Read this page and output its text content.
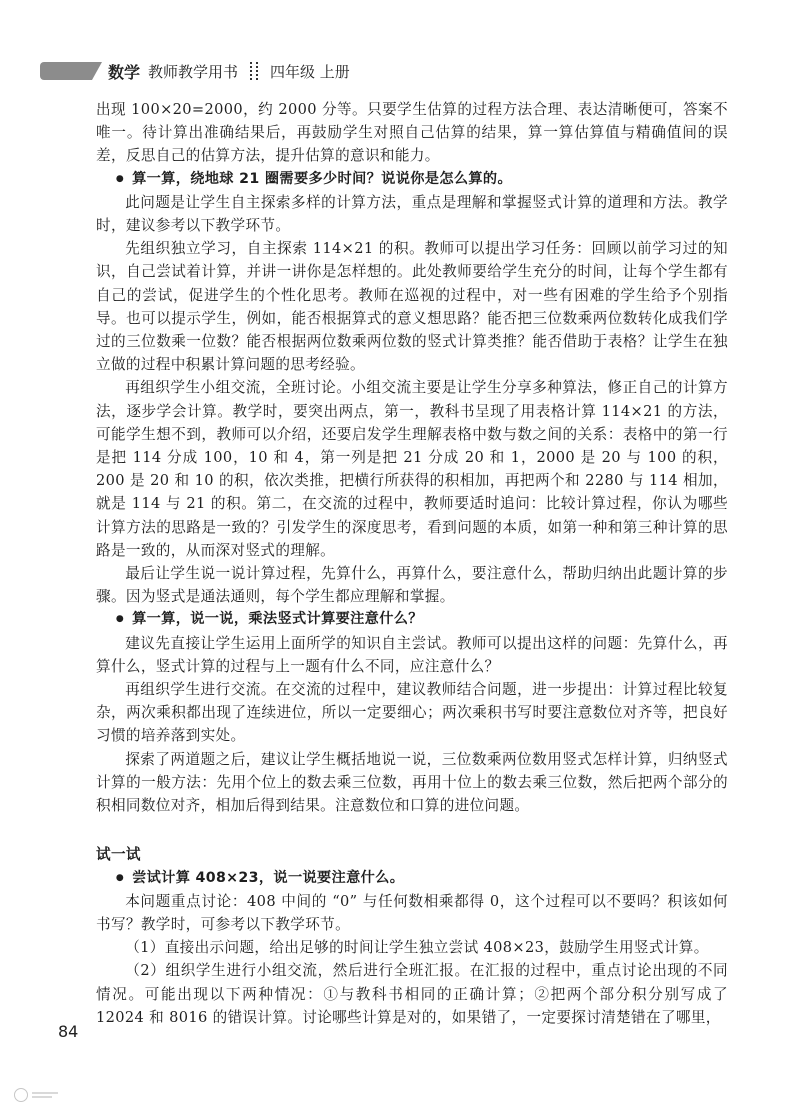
数学 教师教学用书 四年级 上册

出现 100×20=2000，约 2000 分等。只要学生估算的过程方法合理、表达清晰便可，答案不唯一。待计算出准确结果后，再鼓励学生对照自己估算的结果，算一算估算值与精确值间的误差，反思自己的估算方法，提升估算的意识和能力。

● 算一算，绕地球 21 圈需要多少时间？说说你是怎么算的。

此问题是让学生自主探索多样的计算方法，重点是理解和掌握竖式计算的道理和方法。教学时，建议参考以下教学环节。

先组织独立学习，自主探索 114×21 的积。教师可以提出学习任务：回顾以前学习过的知识，自己尝试着计算，并讲一讲你是怎样想的。此处教师要给学生充分的时间，让每个学生都有自己的尝试，促进学生的个性化思考。教师在巡视的过程中，对一些有困难的学生给予个别指导。也可以提示学生，例如，能否根据算式的意义想思路？能否把三位数乘两位数转化成我们学过的三位数乘一位数？能否根据两位数乘两位数的竖式计算类推？能否借助于表格？让学生在独立做的过程中积累计算问题的思考经验。

再组织学生小组交流，全班讨论。小组交流主要是让学生分享多种算法，修正自己的计算方法，逐步学会计算。教学时，要突出两点，第一，教科书呈现了用表格计算 114×21 的方法，可能学生想不到，教师可以介绍，还要启发学生理解表格中数与数之间的关系：表格中的第一行是把 114 分成 100，10 和 4，第一列是把 21 分成 20 和 1，2000 是 20 与 100 的积，200 是 20 和 10 的积，依次类推，把横行所获得的积相加，再把两个和 2280 与 114 相加，就是 114 与 21 的积。第二，在交流的过程中，教师要适时追问：比较计算过程，你认为哪些计算方法的思路是一致的？引发学生的深度思考，看到问题的本质，如第一种和第三种计算的思路是一致的，从而深对竖式的理解。

最后让学生说一说计算过程，先算什么，再算什么，要注意什么，帮助归纳出此题计算的步骤。因为竖式是通法通则，每个学生都应理解和掌握。

● 算一算，说一说，乘法竖式计算要注意什么？

建议先直接让学生运用上面所学的知识自主尝试。教师可以提出这样的问题：先算什么，再算什么，竖式计算的过程与上一题有什么不同，应注意什么？

再组织学生进行交流。在交流的过程中，建议教师结合问题，进一步提出：计算过程比较复杂，两次乘积都出现了连续进位，所以一定要细心；两次乘积书写时要注意数位对齐等，把良好习惯的培养落到实处。

探索了两道题之后，建议让学生概括地说一说，三位数乘两位数用竖式怎样计算，归纳竖式计算的一般方法：先用个位上的数去乘三位数，再用十位上的数去乘三位数，然后把两个部分的积相同数位对齐，相加后得到结果。注意数位和口算的进位问题。

试一试

● 尝试计算 408×23，说一说要注意什么。

本问题重点讨论：408 中间的 “0” 与任何数相乘都得 0，这个过程可以不要吗？积该如何书写？教学时，可参考以下教学环节。

（1）直接出示问题，给出足够的时间让学生独立尝试 408×23，鼓励学生用竖式计算。

（2）组织学生进行小组交流，然后进行全班汇报。在汇报的过程中，重点讨论出现的不同情况。可能出现以下两种情况：①与教科书相同的正确计算；②把两个部分积分别写成了 12024 和 8016 的错误计算。讨论哪些计算是对的，如果错了，一定要探讨清楚错在了哪里，

84
